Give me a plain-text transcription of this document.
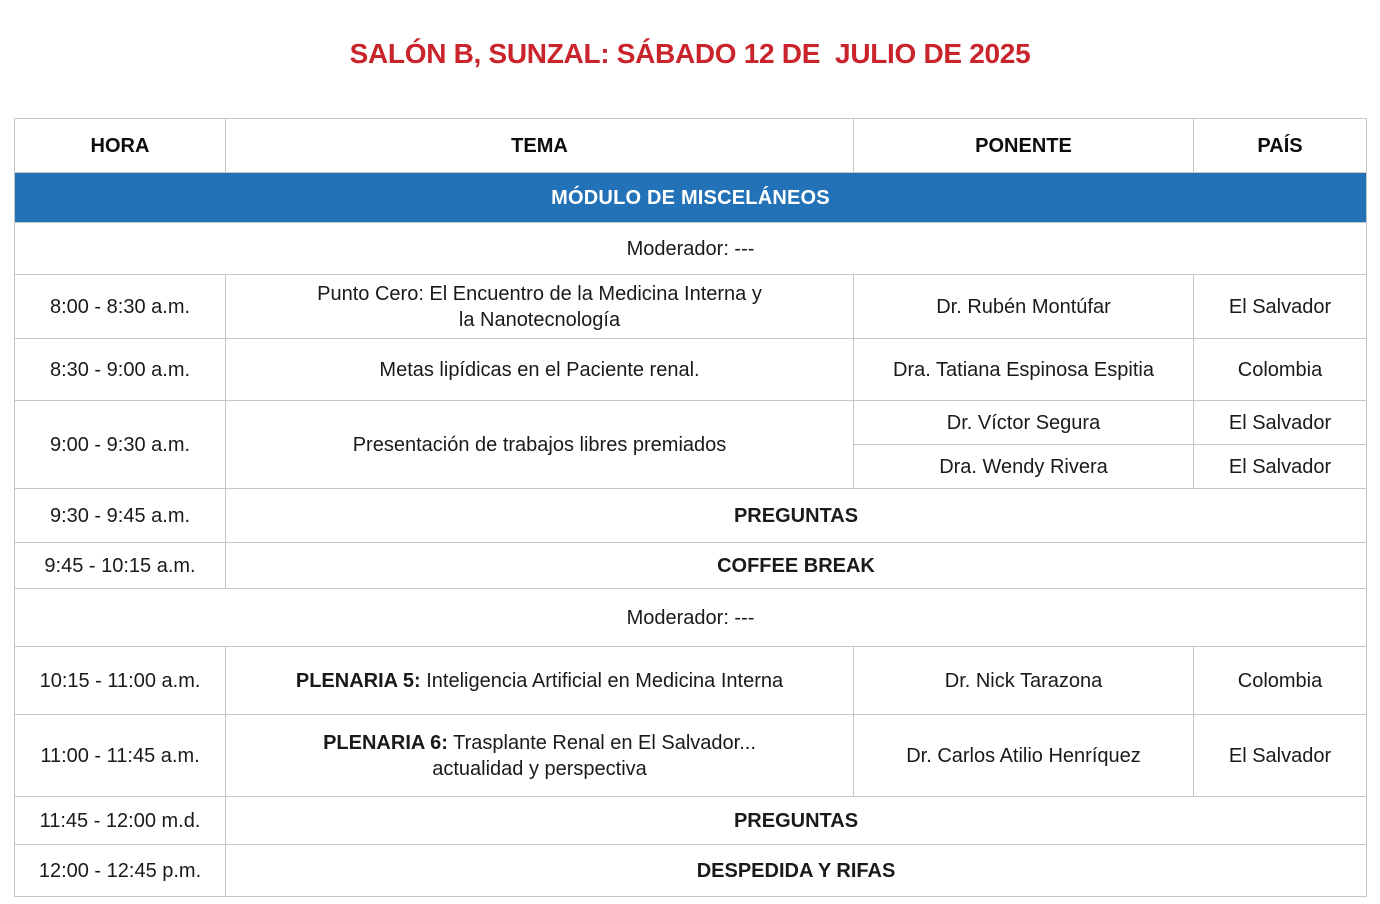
SALÓN B, SUNZAL: SÁBADO 12 DE  JULIO DE 2025
HORA	TEMA	PONENTE	PAÍS
MÓDULO DE MISCELÁNEOS			
Moderador: ---			
8:00 - 8:30 a.m.	Punto Cero: El Encuentro de la Medicina Interna y
la Nanotecnología	Dr. Rubén Montúfar	El Salvador
8:30 - 9:00 a.m.	Metas lipídicas en el Paciente renal.	Dra. Tatiana Espinosa Espitia	Colombia
9:00 - 9:30 a.m.	Presentación de trabajos libres premiados	Dr. Víctor Segura	El Salvador
		Dra. Wendy Rivera	El Salvador
9:30 - 9:45 a.m.	PREGUNTAS		
9:45 - 10:15 a.m.	COFFEE BREAK		
Moderador: ---			
10:15 - 11:00 a.m.	PLENARIA 5: Inteligencia Artificial en Medicina Interna	Dr. Nick Tarazona	Colombia
11:00 - 11:45 a.m.	PLENARIA 6: Trasplante Renal en El Salvador...
actualidad y perspectiva	Dr. Carlos Atilio Henríquez	El Salvador
11:45 - 12:00 m.d.	PREGUNTAS		
12:00 - 12:45 p.m.	DESPEDIDA Y RIFAS		
